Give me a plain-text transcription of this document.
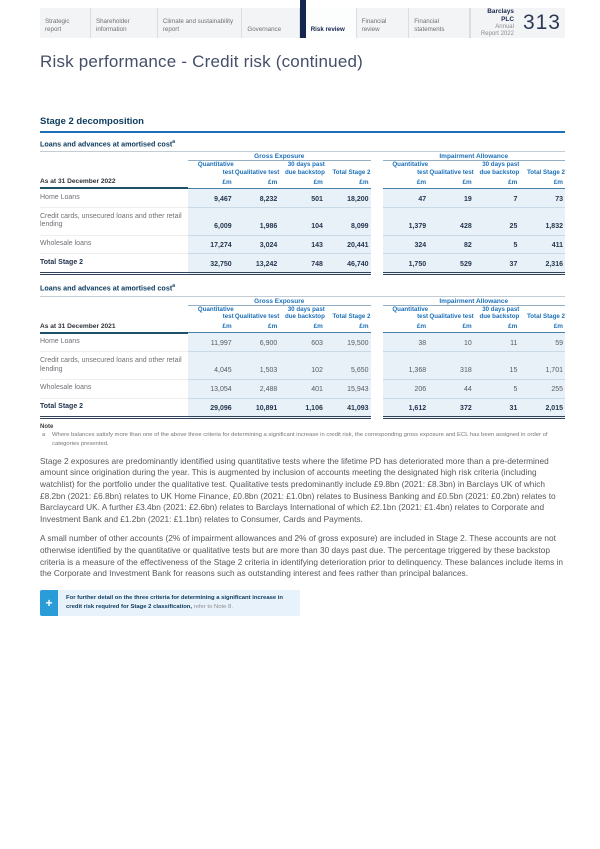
Strategic report
Shareholder information
Climate and sustainability report	Governance	Risk review
Financial review
Financial statements
Barclays PLC
Annual Report 2022 313
Risk performance - Credit risk (continued)
Stage 2 decomposition
Loans and advances at amortised cost$^a$
	Gross Exposure					Impairment Allowance			
	Quantitative test	Qualitative test	30 days past due backstop	Total Stage 2		Quantitative test	Qualitative test	30 days past due backstop	Total Stage 2
As at 31 December 2022	£m	£m	£m	£m		£m	£m	£m	£m
Home Loans	9,467	8,232	501	18,200		47	19	7	73
Credit cards, unsecured loans and other retail lending	6,009	1,986	104	8,099		1,379	428	25	1,832
Wholesale loans	17,274	3,024	143	20,441		324	82	5	411
Total Stage 2	32,750	13,242	748	46,740		1,750	529	37	2,316
Loans and advances at amortised cost$^a$
	Gross Exposure					Impairment Allowance			
	Quantitative test	Qualitative test	30 days past due backstop	Total Stage 2		Quantitative test	Qualitative test	30 days past due backstop	Total Stage 2
As at 31 December 2021	£m	£m	£m	£m		£m	£m	£m	£m
Home Loans	11,997	6,900	603	19,500		38	10	11	59
Credit cards, unsecured loans and other retail lending	4,045	1,503	102	5,650		1,368	318	15	1,701
Wholesale loans	13,054	2,488	401	15,943		206	44	5	255
Total Stage 2	29,096	10,891	1,106	41,093		1,612	372	31	2,015
Note
a	Where balances satisfy more than one of the above three criteria for determining a significant increase in credit risk, the corresponding gross exposure and ECL has been assigned in order of categories presented.

Stage 2 exposures are predominantly identified using quantitative tests where the lifetime PD has deteriorated more than a pre-determined amount since origination during the year. This is augmented by inclusion of accounts meeting the designated high risk criteria (including watchlist) for the portfolio under the qualitative test. Qualitative tests predominantly include £9.8bn (2021: £8.3bn) in Barclays UK of which £8.2bn (2021: £6.8bn) relates to UK Home Finance, £0.8bn (2021: £1.0bn) relates to Business Banking and £0.5bn (2021: £0.2bn) relates to Barclaycard UK. A further £3.4bn (2021: £2.6bn) relates to Barclays International of which £2.1bn (2021: £1.4bn) relates to Corporate and Investment Bank and £1.2bn (2021: £1.1bn) relates to Consumer, Cards and Payments.

A small number of other accounts (2% of impairment allowances and 2% of gross exposure) are included in Stage 2. These accounts are not otherwise identified by the quantitative or qualitative tests but are more than 30 days past due. The percentage triggered by these backstop criteria is a measure of the effectiveness of the Stage 2 criteria in identifying deterioration prior to delinquency. These balances include items in the Corporate and Investment Bank for reasons such as outstanding interest and fees rather than principal balances.

+	For further detail on the three criteria for determining a significant increase in credit risk required for Stage 2 classification, refer to Note 8.
